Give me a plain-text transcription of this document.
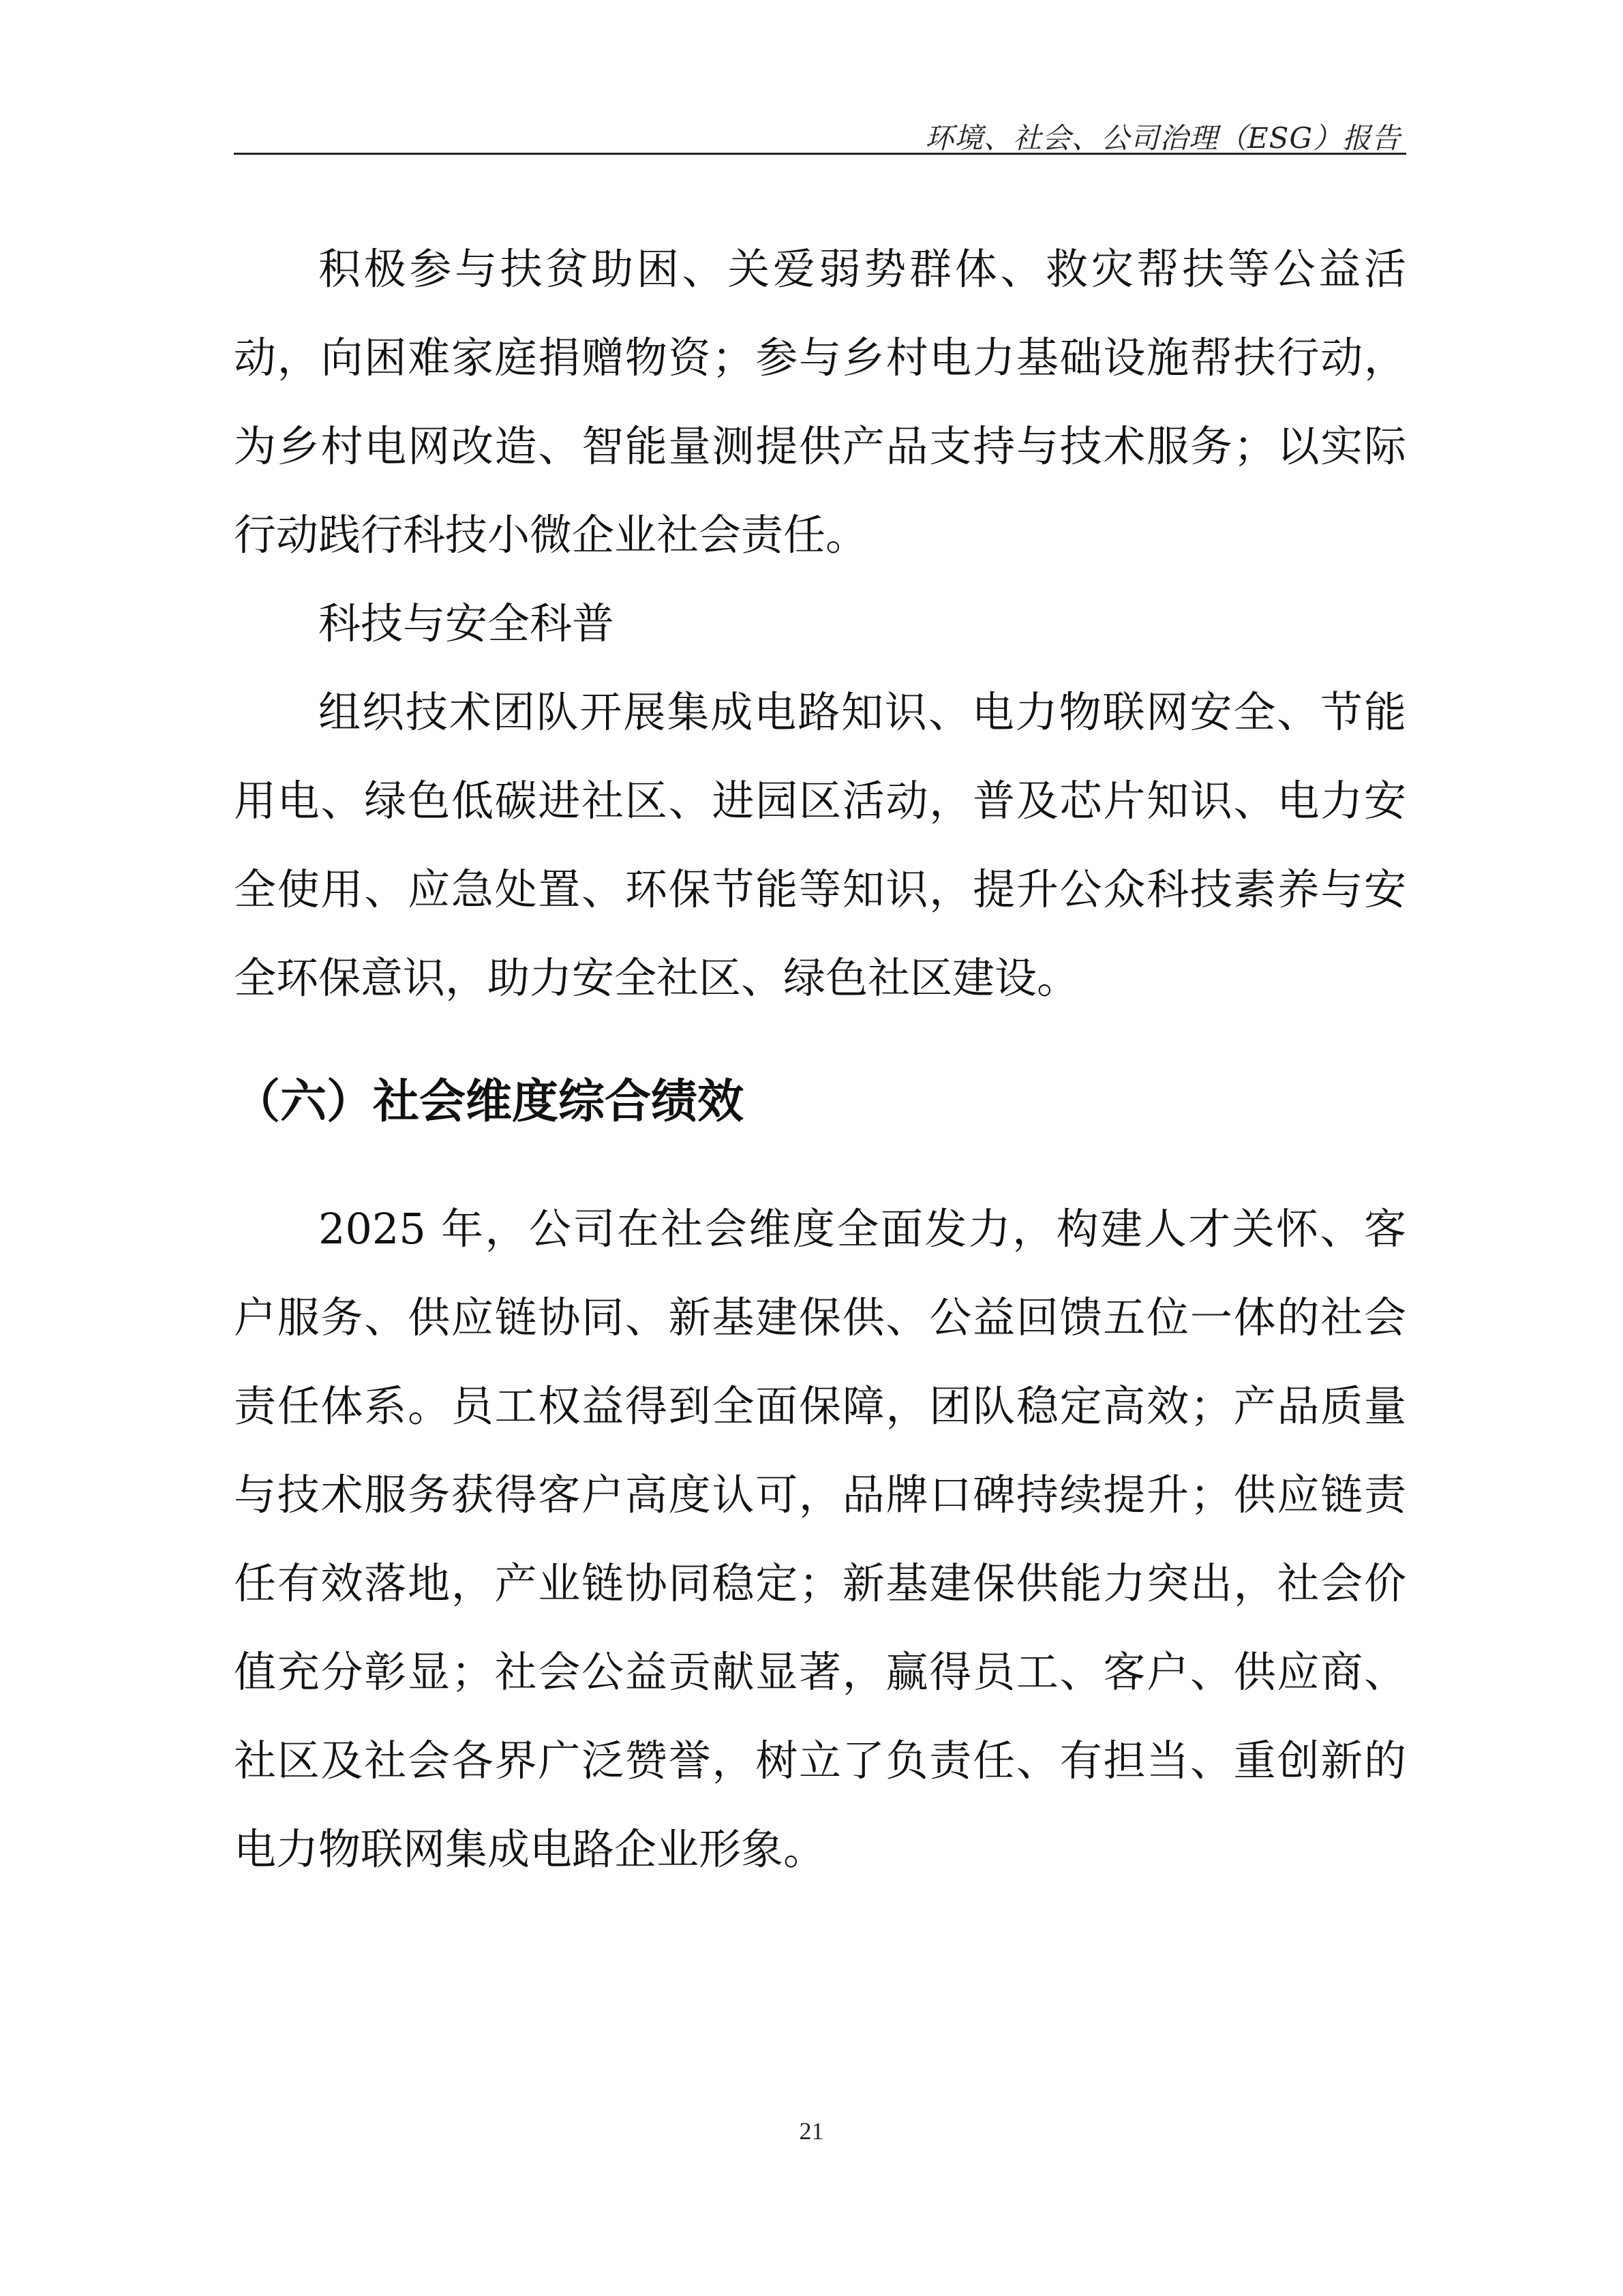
环境、社会、公司治理（ESG）报告

积极参与扶贫助困、关爱弱势群体、救灾帮扶等公益活动，向困难家庭捐赠物资；参与乡村电力基础设施帮扶行动，为乡村电网改造、智能量测提供产品支持与技术服务；以实际行动践行科技小微企业社会责任。

科技与安全科普

组织技术团队开展集成电路知识、电力物联网安全、节能用电、绿色低碳进社区、进园区活动，普及芯片知识、电力安全使用、应急处置、环保节能等知识，提升公众科技素养与安全环保意识，助力安全社区、绿色社区建设。

（六）社会维度综合绩效

2025 年，公司在社会维度全面发力，构建人才关怀、客户服务、供应链协同、新基建保供、公益回馈五位一体的社会责任体系。员工权益得到全面保障，团队稳定高效；产品质量与技术服务获得客户高度认可，品牌口碑持续提升；供应链责任有效落地，产业链协同稳定；新基建保供能力突出，社会价值充分彰显；社会公益贡献显著，赢得员工、客户、供应商、社区及社会各界广泛赞誉，树立了负责任、有担当、重创新的电力物联网集成电路企业形象。

21
